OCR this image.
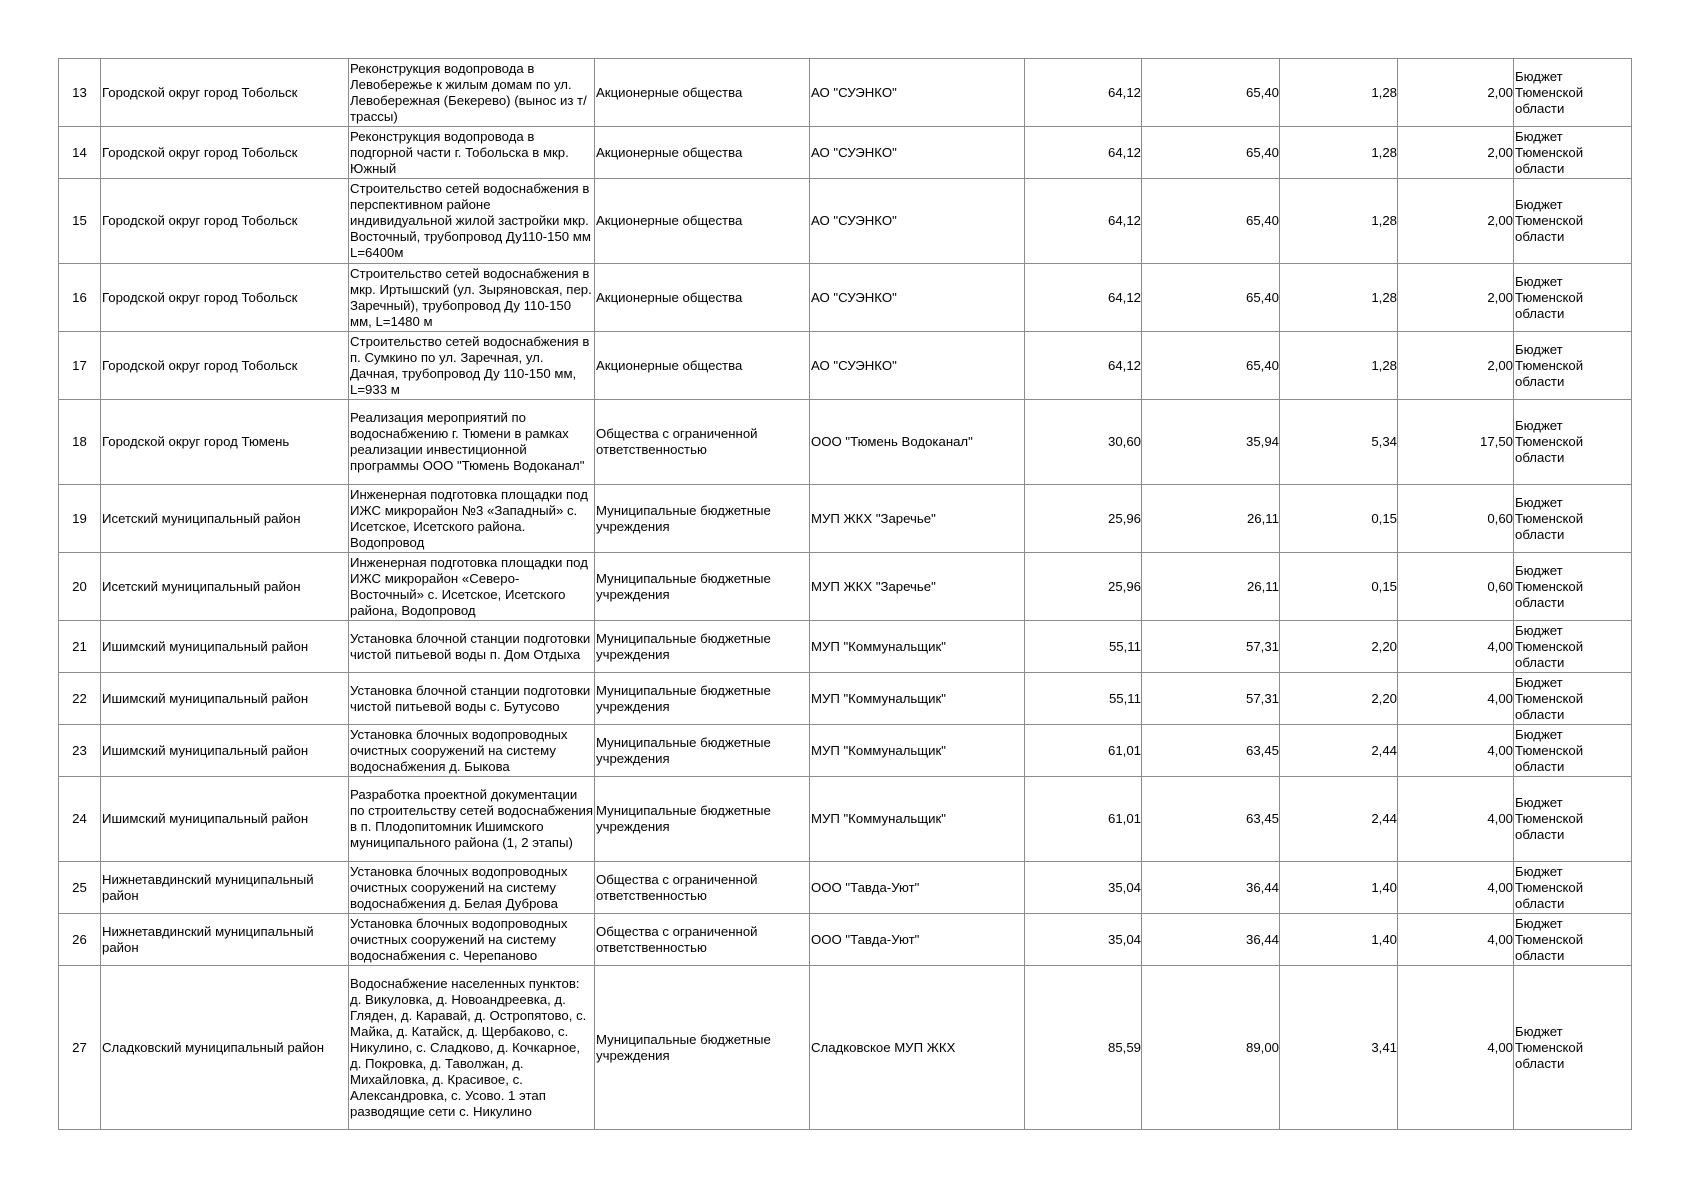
13	Городской округ город Тобольск	Реконструкция водопровода в Левобережье к жилым домам по ул. Левобережная (Бекерево) (вынос из т/трассы)	Акционерные общества	АО "СУЭНКО"	64,12	65,40	1,28	2,00	Бюджет Тюменской области
14	Городской округ город Тобольск	Реконструкция водопровода в подгорной части г. Тобольска в мкр. Южный	Акционерные общества	АО "СУЭНКО"	64,12	65,40	1,28	2,00	Бюджет Тюменской области
15	Городской округ город Тобольск	Строительство сетей водоснабжения в перспективном районе индивидуальной жилой застройки мкр. Восточный, трубопровод Ду110-150 мм L=6400м	Акционерные общества	АО "СУЭНКО"	64,12	65,40	1,28	2,00	Бюджет Тюменской области
16	Городской округ город Тобольск	Строительство сетей водоснабжения в мкр. Иртышский (ул. Зыряновская, пер. Заречный), трубопровод Ду 110-150 мм, L=1480 м	Акционерные общества	АО "СУЭНКО"	64,12	65,40	1,28	2,00	Бюджет Тюменской области
17	Городской округ город Тобольск	Строительство сетей водоснабжения в п. Сумкино по ул. Заречная, ул. Дачная, трубопровод Ду 110-150 мм, L=933 м	Акционерные общества	АО "СУЭНКО"	64,12	65,40	1,28	2,00	Бюджет Тюменской области
18	Городской округ город Тюмень	Реализация мероприятий по водоснабжению г. Тюмени в рамках реализации инвестиционной программы ООО "Тюмень Водоканал"	Общества с ограниченной ответственностью	ООО "Тюмень Водоканал"	30,60	35,94	5,34	17,50	Бюджет Тюменской области
19	Исетский муниципальный район	Инженерная подготовка площадки под ИЖС микрорайон №3 «Западный» с. Исетское, Исетского района. Водопровод	Муниципальные бюджетные учреждения	МУП ЖКХ "Заречье"	25,96	26,11	0,15	0,60	Бюджет Тюменской области
20	Исетский муниципальный район	Инженерная подготовка площадки под ИЖС микрорайон «Северо-Восточный» с. Исетское, Исетского района, Водопровод	Муниципальные бюджетные учреждения	МУП ЖКХ "Заречье"	25,96	26,11	0,15	0,60	Бюджет Тюменской области
21	Ишимский муниципальный район	Установка блочной станции подготовки чистой питьевой воды п. Дом Отдыха	Муниципальные бюджетные учреждения	МУП "Коммунальщик"	55,11	57,31	2,20	4,00	Бюджет Тюменской области
22	Ишимский муниципальный район	Установка блочной станции подготовки чистой питьевой воды с. Бутусово	Муниципальные бюджетные учреждения	МУП "Коммунальщик"	55,11	57,31	2,20	4,00	Бюджет Тюменской области
23	Ишимский муниципальный район	Установка блочных водопроводных очистных сооружений на систему водоснабжения д. Быкова	Муниципальные бюджетные учреждения	МУП "Коммунальщик"	61,01	63,45	2,44	4,00	Бюджет Тюменской области
24	Ишимский муниципальный район	Разработка проектной документации по строительству сетей водоснабжения в п. Плодопитомник Ишимского муниципального района (1, 2 этапы)	Муниципальные бюджетные учреждения	МУП "Коммунальщик"	61,01	63,45	2,44	4,00	Бюджет Тюменской области
25	Нижнетавдинский муниципальный район	Установка блочных водопроводных очистных сооружений на систему водоснабжения д. Белая Дуброва	Общества с ограниченной ответственностью	ООО "Тавда-Уют"	35,04	36,44	1,40	4,00	Бюджет Тюменской области
26	Нижнетавдинский муниципальный район	Установка блочных водопроводных очистных сооружений на систему водоснабжения с. Черепаново	Общества с ограниченной ответственностью	ООО "Тавда-Уют"	35,04	36,44	1,40	4,00	Бюджет Тюменской области
27	Сладковский муниципальный район	Водоснабжение населенных пунктов: д. Викуловка, д. Новоандреевка, д. Гляден, д. Каравай, д. Остропятово, с. Майка, д. Катайск, д. Щербаково, с. Никулино, с. Сладково, д. Кочкарное, д. Покровка, д. Таволжан, д. Михайловка, д. Красивое, с. Александровка, с. Усово. 1 этап разводящие сети с. Никулино	Муниципальные бюджетные учреждения	Сладковское МУП ЖКХ	85,59	89,00	3,41	4,00	Бюджет Тюменской области
